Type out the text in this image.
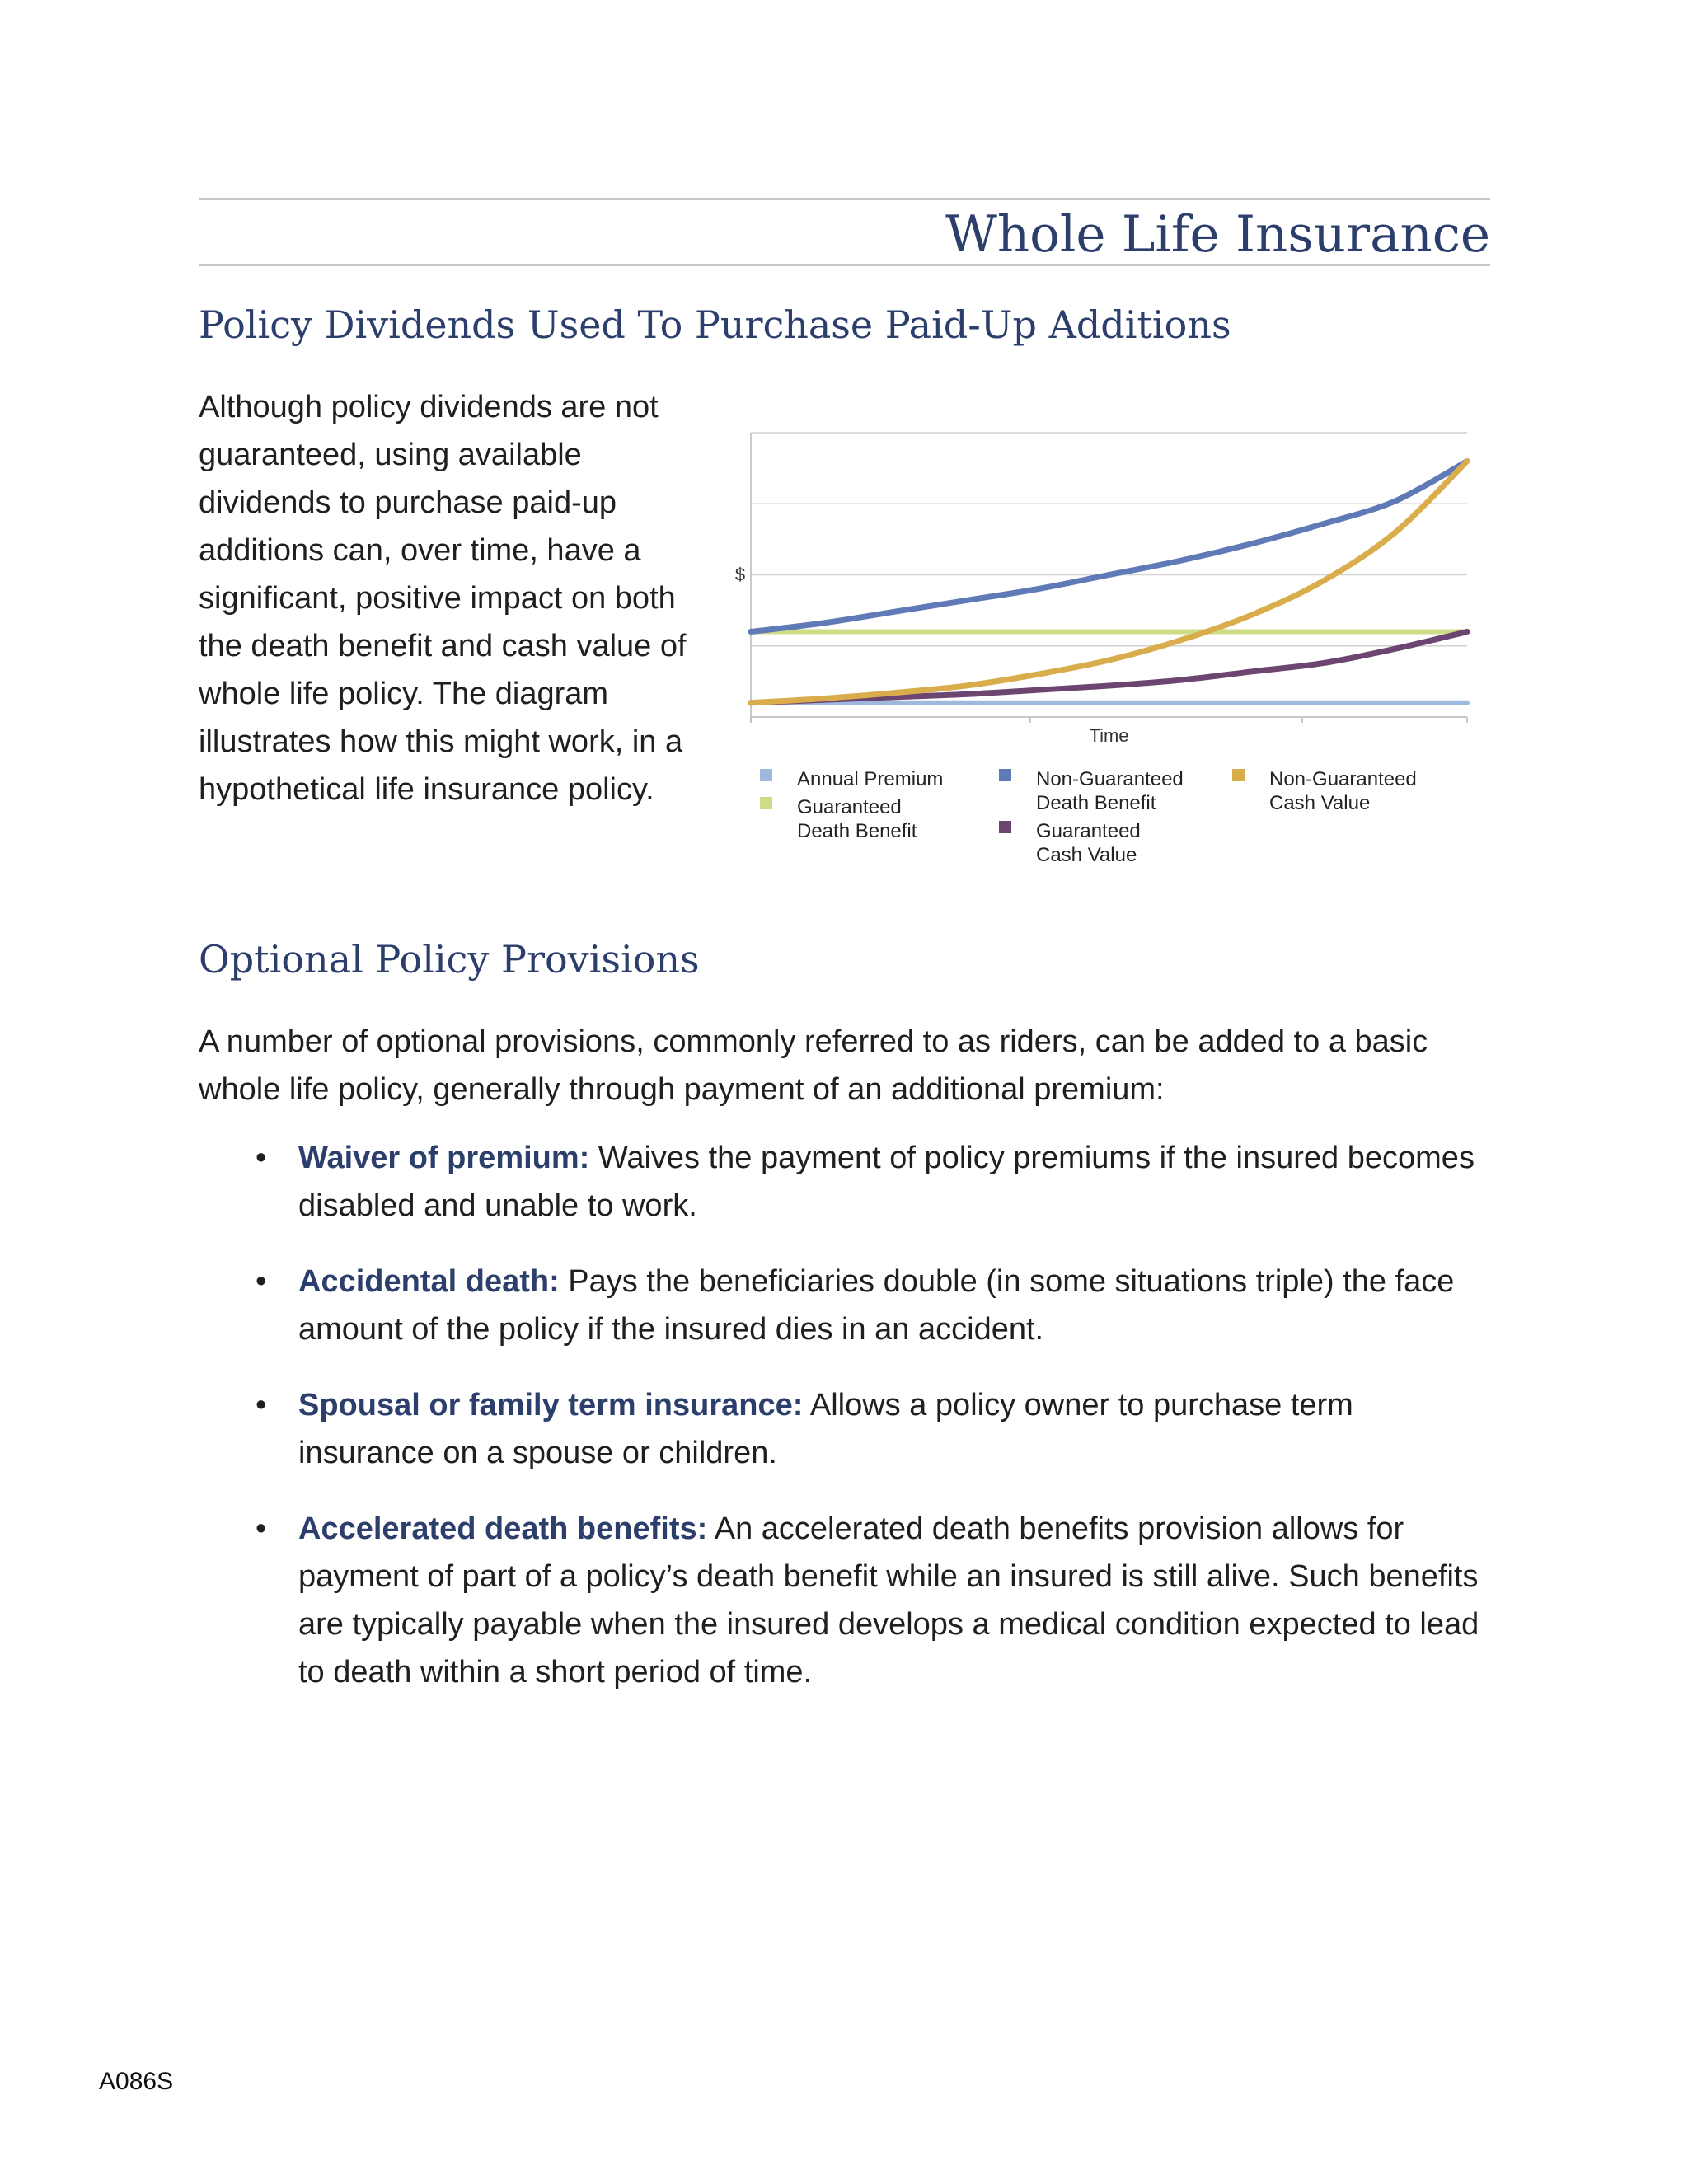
Whole Life Insurance
Policy Dividends Used To Purchase Paid-Up Additions

Although policy dividends are not guaranteed, using available dividends to purchase paid-up additions can, over time, have a significant, positive impact on both the death benefit and cash value of whole life policy. The diagram illustrates how this might work, in a hypothetical life insurance policy.

$
Time
Annual Premium
Guaranteed
Death Benefit
Non-Guaranteed
Death Benefit
Guaranteed
Cash Value
Non-Guaranteed
Cash Value
Optional Policy Provisions

A number of optional provisions, commonly referred to as riders, can be added to a basic whole life policy, generally through payment of an additional premium:

• Waiver of premium: Waives the payment of policy premiums if the insured becomes disabled and unable to work.
• Accidental death: Pays the beneficiaries double (in some situations triple) the face amount of the policy if the insured dies in an accident.
• Spousal or family term insurance: Allows a policy owner to purchase term insurance on a spouse or children.
• Accelerated death benefits: An accelerated death benefits provision allows for payment of part of a policy’s death benefit while an insured is still alive. Such benefits are typically payable when the insured develops a medical condition expected to lead to death within a short period of time.

A086S
